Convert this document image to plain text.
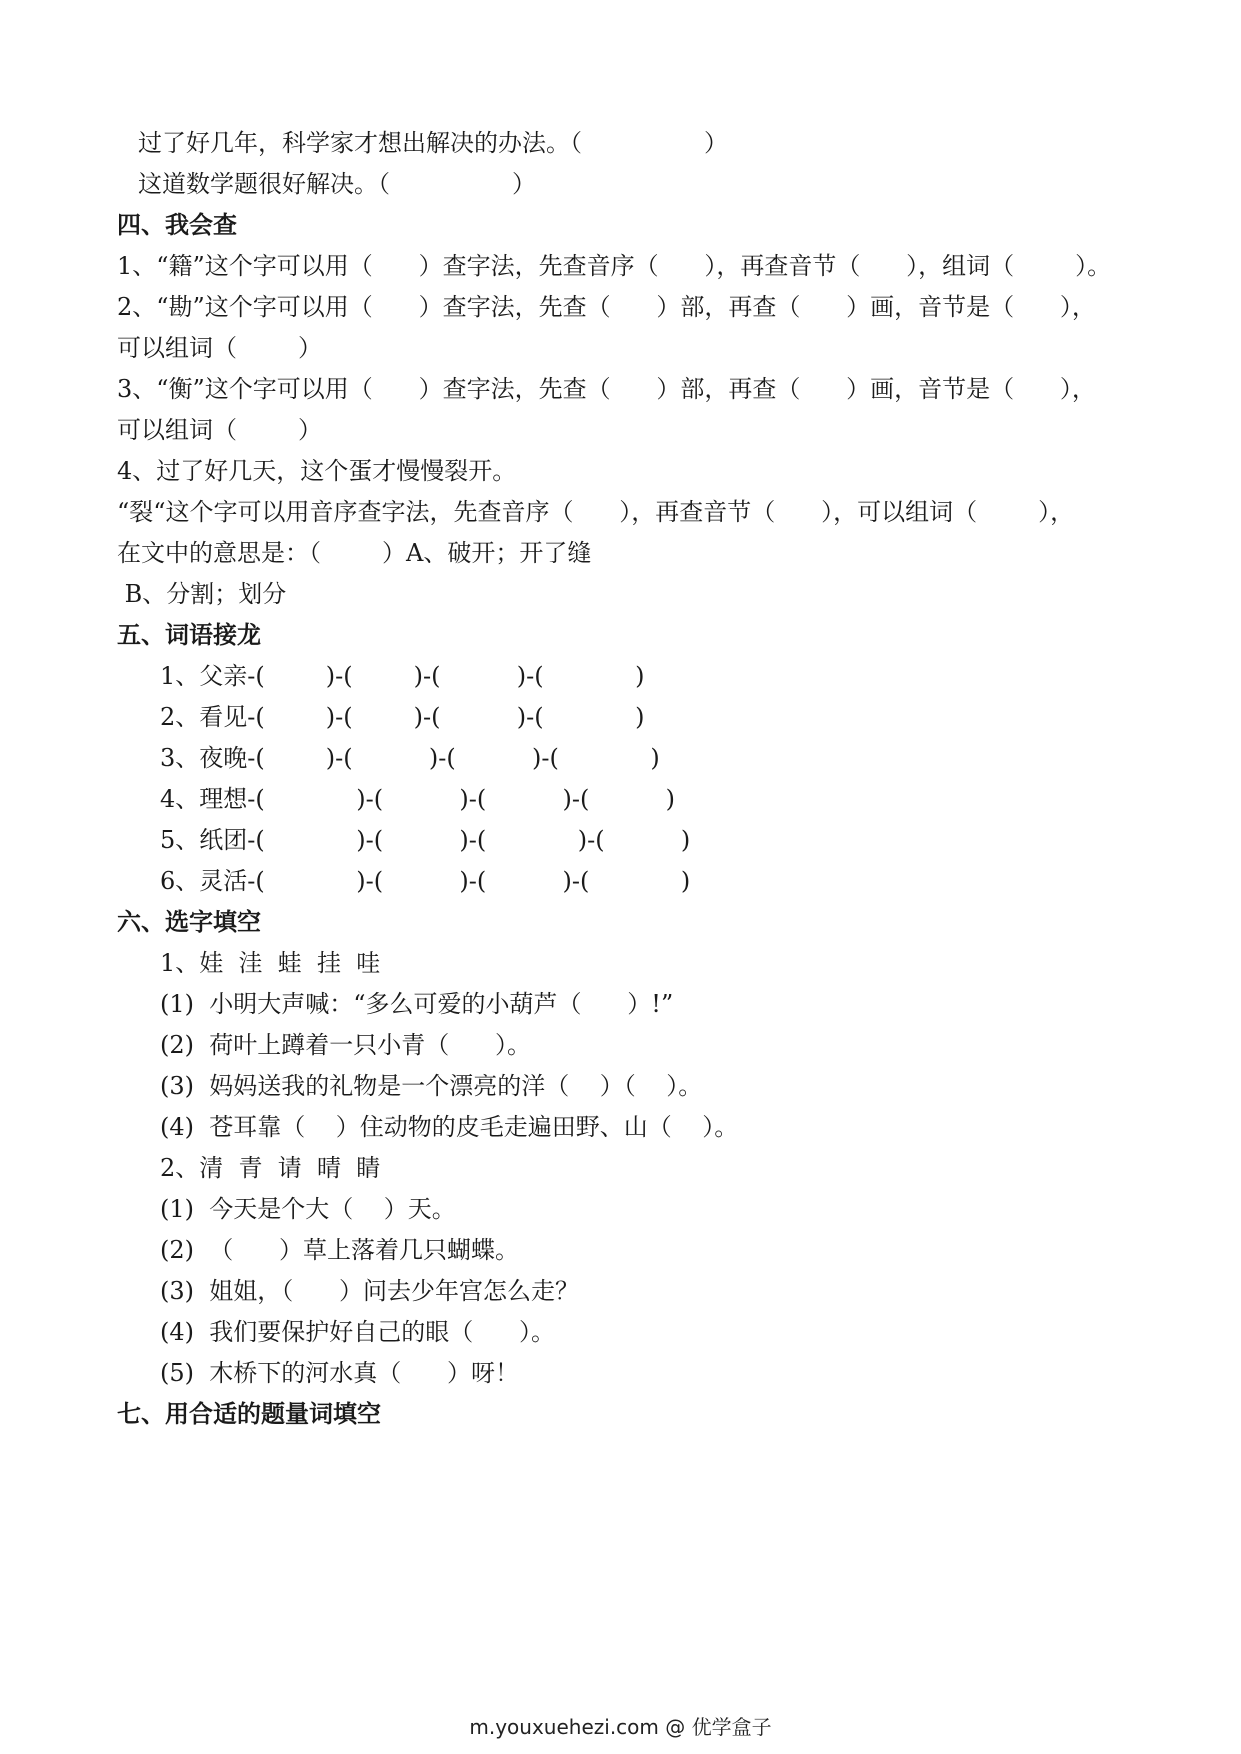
过了好几年，科学家才想出解决的办法。（                ）
这道数学题很好解决。（                ）
四、我会查
1、“籍”这个字可以用（      ）查字法，先查音序（      ），再查音节（      ），组词（        ）。
2、“勘”这个字可以用（      ）查字法，先查（      ）部，再查（      ）画，音节是（      ），
可以组词（        ）
3、“衡”这个字可以用（      ）查字法，先查（      ）部，再查（      ）画，音节是（      ），
可以组词（        ）
4、过了好几天，这个蛋才慢慢裂开。
“裂“这个字可以用音序查字法，先查音序（      ），再查音节（      ），可以组词（        ），
在文中的意思是：（        ）A、破开；开了缝
B、分割；划分
五、词语接龙
1、父亲-(        )-(        )-(          )-(            )
2、看见-(        )-(        )-(          )-(            )
3、夜晚-(        )-(          )-(          )-(            )
4、理想-(            )-(          )-(          )-(          )
5、纸团-(            )-(          )-(            )-(          )
6、灵活-(            )-(          )-(          )-(            )
六、选字填空
1、娃  洼  蛙  挂  哇
(1)  小明大声喊：“多么可爱的小葫芦（      ）!”
(2)  荷叶上蹲着一只小青（      ）。
(3)  妈妈送我的礼物是一个漂亮的洋（    ）（    ）。
(4)  苍耳靠（    ）住动物的皮毛走遍田野、山（    ）。
2、清  青  请  晴  睛
(1)  今天是个大（    ）天。
(2)  （      ）草上落着几只蝴蝶。
(3)  姐姐，（      ）问去少年宫怎么走？
(4)  我们要保护好自己的眼（      ）。
(5)  木桥下的河水真（      ）呀！
七、用合适的题量词填空
m.youxuehezi.com @ 优学盒子
